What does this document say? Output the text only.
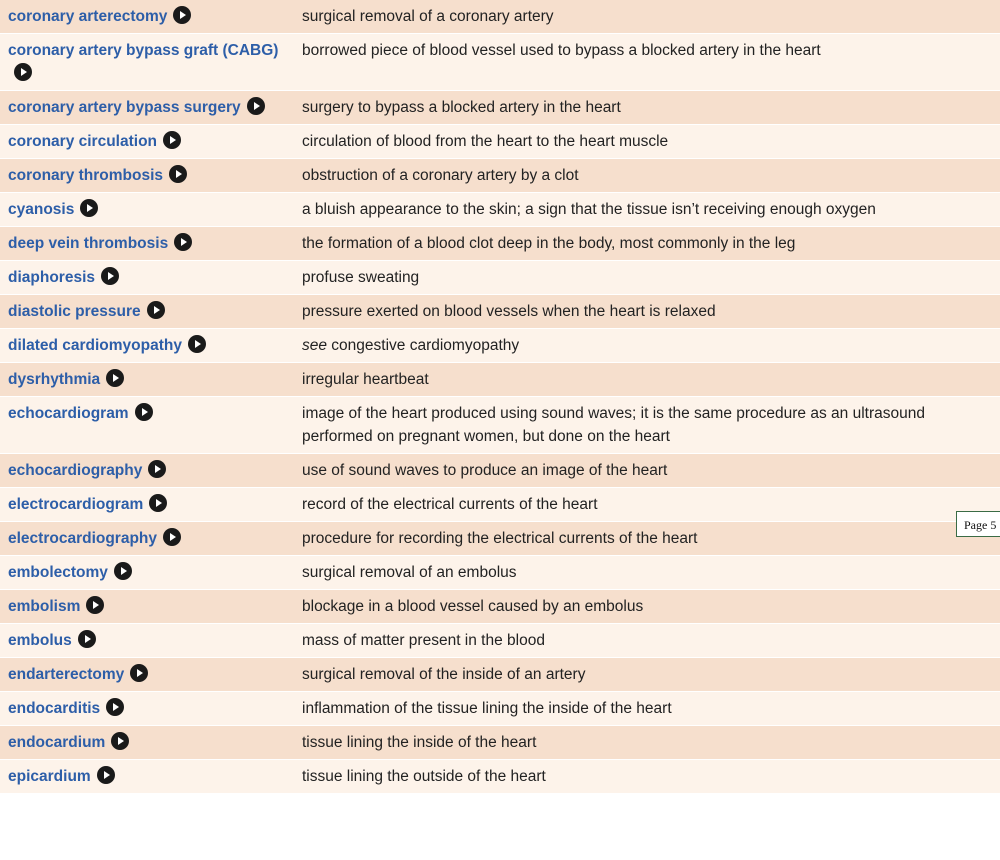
coronary arterectomy	surgical removal of a coronary artery
coronary artery bypass graft (CABG)	borrowed piece of blood vessel used to bypass a blocked artery in the heart
coronary artery bypass surgery	surgery to bypass a blocked artery in the heart
coronary circulation	circulation of blood from the heart to the heart muscle
coronary thrombosis	obstruction of a coronary artery by a clot
cyanosis	a bluish appearance to the skin; a sign that the tissue isn’t receiving enough oxygen
deep vein thrombosis	the formation of a blood clot deep in the body, most commonly in the leg
diaphoresis	profuse sweating
diastolic pressure	pressure exerted on blood vessels when the heart is relaxed
dilated cardiomyopathy	see congestive cardiomyopathy
dysrhythmia	irregular heartbeat
echocardiogram	image of the heart produced using sound waves; it is the same procedure as an ultrasound performed on pregnant women, but done on the heart
echocardiography	use of sound waves to produce an image of the heart
electrocardiogram	record of the electrical currents of the heart
electrocardiography	procedure for recording the electrical currents of the heart
embolectomy	surgical removal of an embolus
embolism	blockage in a blood vessel caused by an embolus
embolus	mass of matter present in the blood
endarterectomy	surgical removal of the inside of an artery
endocarditis	inflammation of the tissue lining the inside of the heart
endocardium	tissue lining the inside of the heart
epicardium	tissue lining the outside of the heart
Page 5
